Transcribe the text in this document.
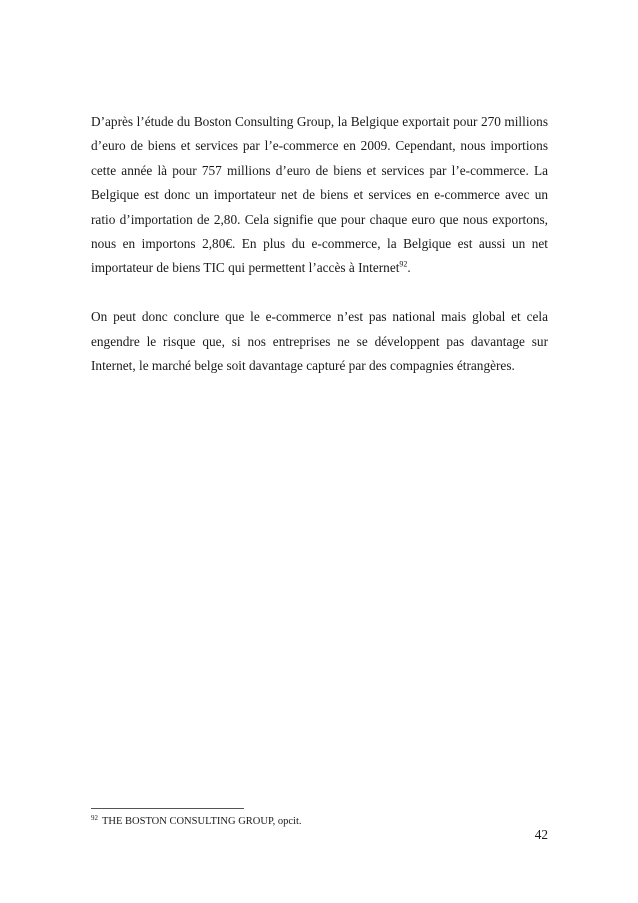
D’après l’étude du Boston Consulting Group, la Belgique exportait pour 270 millions d’euro de biens et services par l’e-commerce en 2009. Cependant, nous importions cette année là pour 757 millions d’euro de biens et services par l’e-commerce. La Belgique est donc un importateur net de biens et services en e-commerce avec un ratio d’importation de 2,80. Cela signifie que pour chaque euro que nous exportons, nous en importons 2,80€. En plus du e-commerce, la Belgique est aussi un net importateur de biens TIC qui permettent l’accès à Internet$^{92}$.

On peut donc conclure que le e-commerce n’est pas national mais global et cela engendre le risque que, si nos entreprises ne se développent pas davantage sur Internet, le marché belge soit davantage capturé par des compagnies étrangères.

$^{92}$ THE BOSTON CONSULTING GROUP, opcit.
42
